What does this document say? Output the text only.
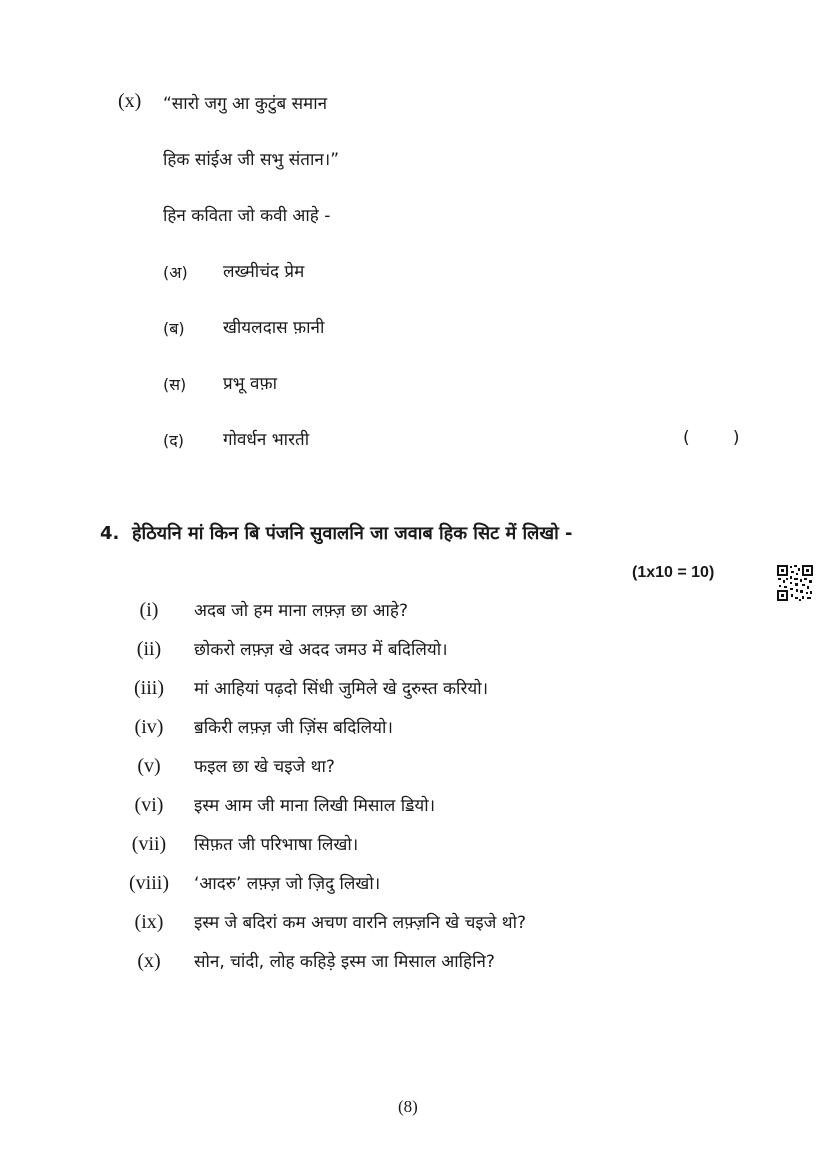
(x) “सारो जगु आ कुटुंब समान
हिक सांईअ जी सभु संतान।”
हिन कविता जो कवी आहे -
(अ) लख्मीचंद प्रेम
(ब) खीयलदास फ़ानी
(स) प्रभू वफ़ा
(द) गोवर्धन भारती	(        )
4. हेठियनि मां किन बि पंजनि सुवालनि जा जवाब हिक सिट में लिखो -
(1x10 = 10)
(i)	अदब जो हम माना लफ़्ज़ छा आहे?
(ii)	छोकरो लफ़्ज़ खे अदद जमउ में बदिलियो।
(iii)	मां आहियां पढ़दो सिंधी जुमिले खे दुरुस्त करियो।
(iv)	ॿकिरी लफ़्ज़ जी ज़िंस बदिलियो।
(v)	फइल छा खे चइजे था?
(vi)	इस्म आम जी माना लिखी मिसाल ॾियो।
(vii)	सिफ़त जी परिभाषा लिखो।
(viii)	‘आदरु’ लफ़्ज़ जो ज़िदु लिखो।
(ix)	इस्म जे बदिरां कम अचण वारनि लफ़्ज़नि खे चइजे थो?
(x)	सोन, चांदी, लोह कहिड़े इस्म जा मिसाल आहिनि?
(8)
